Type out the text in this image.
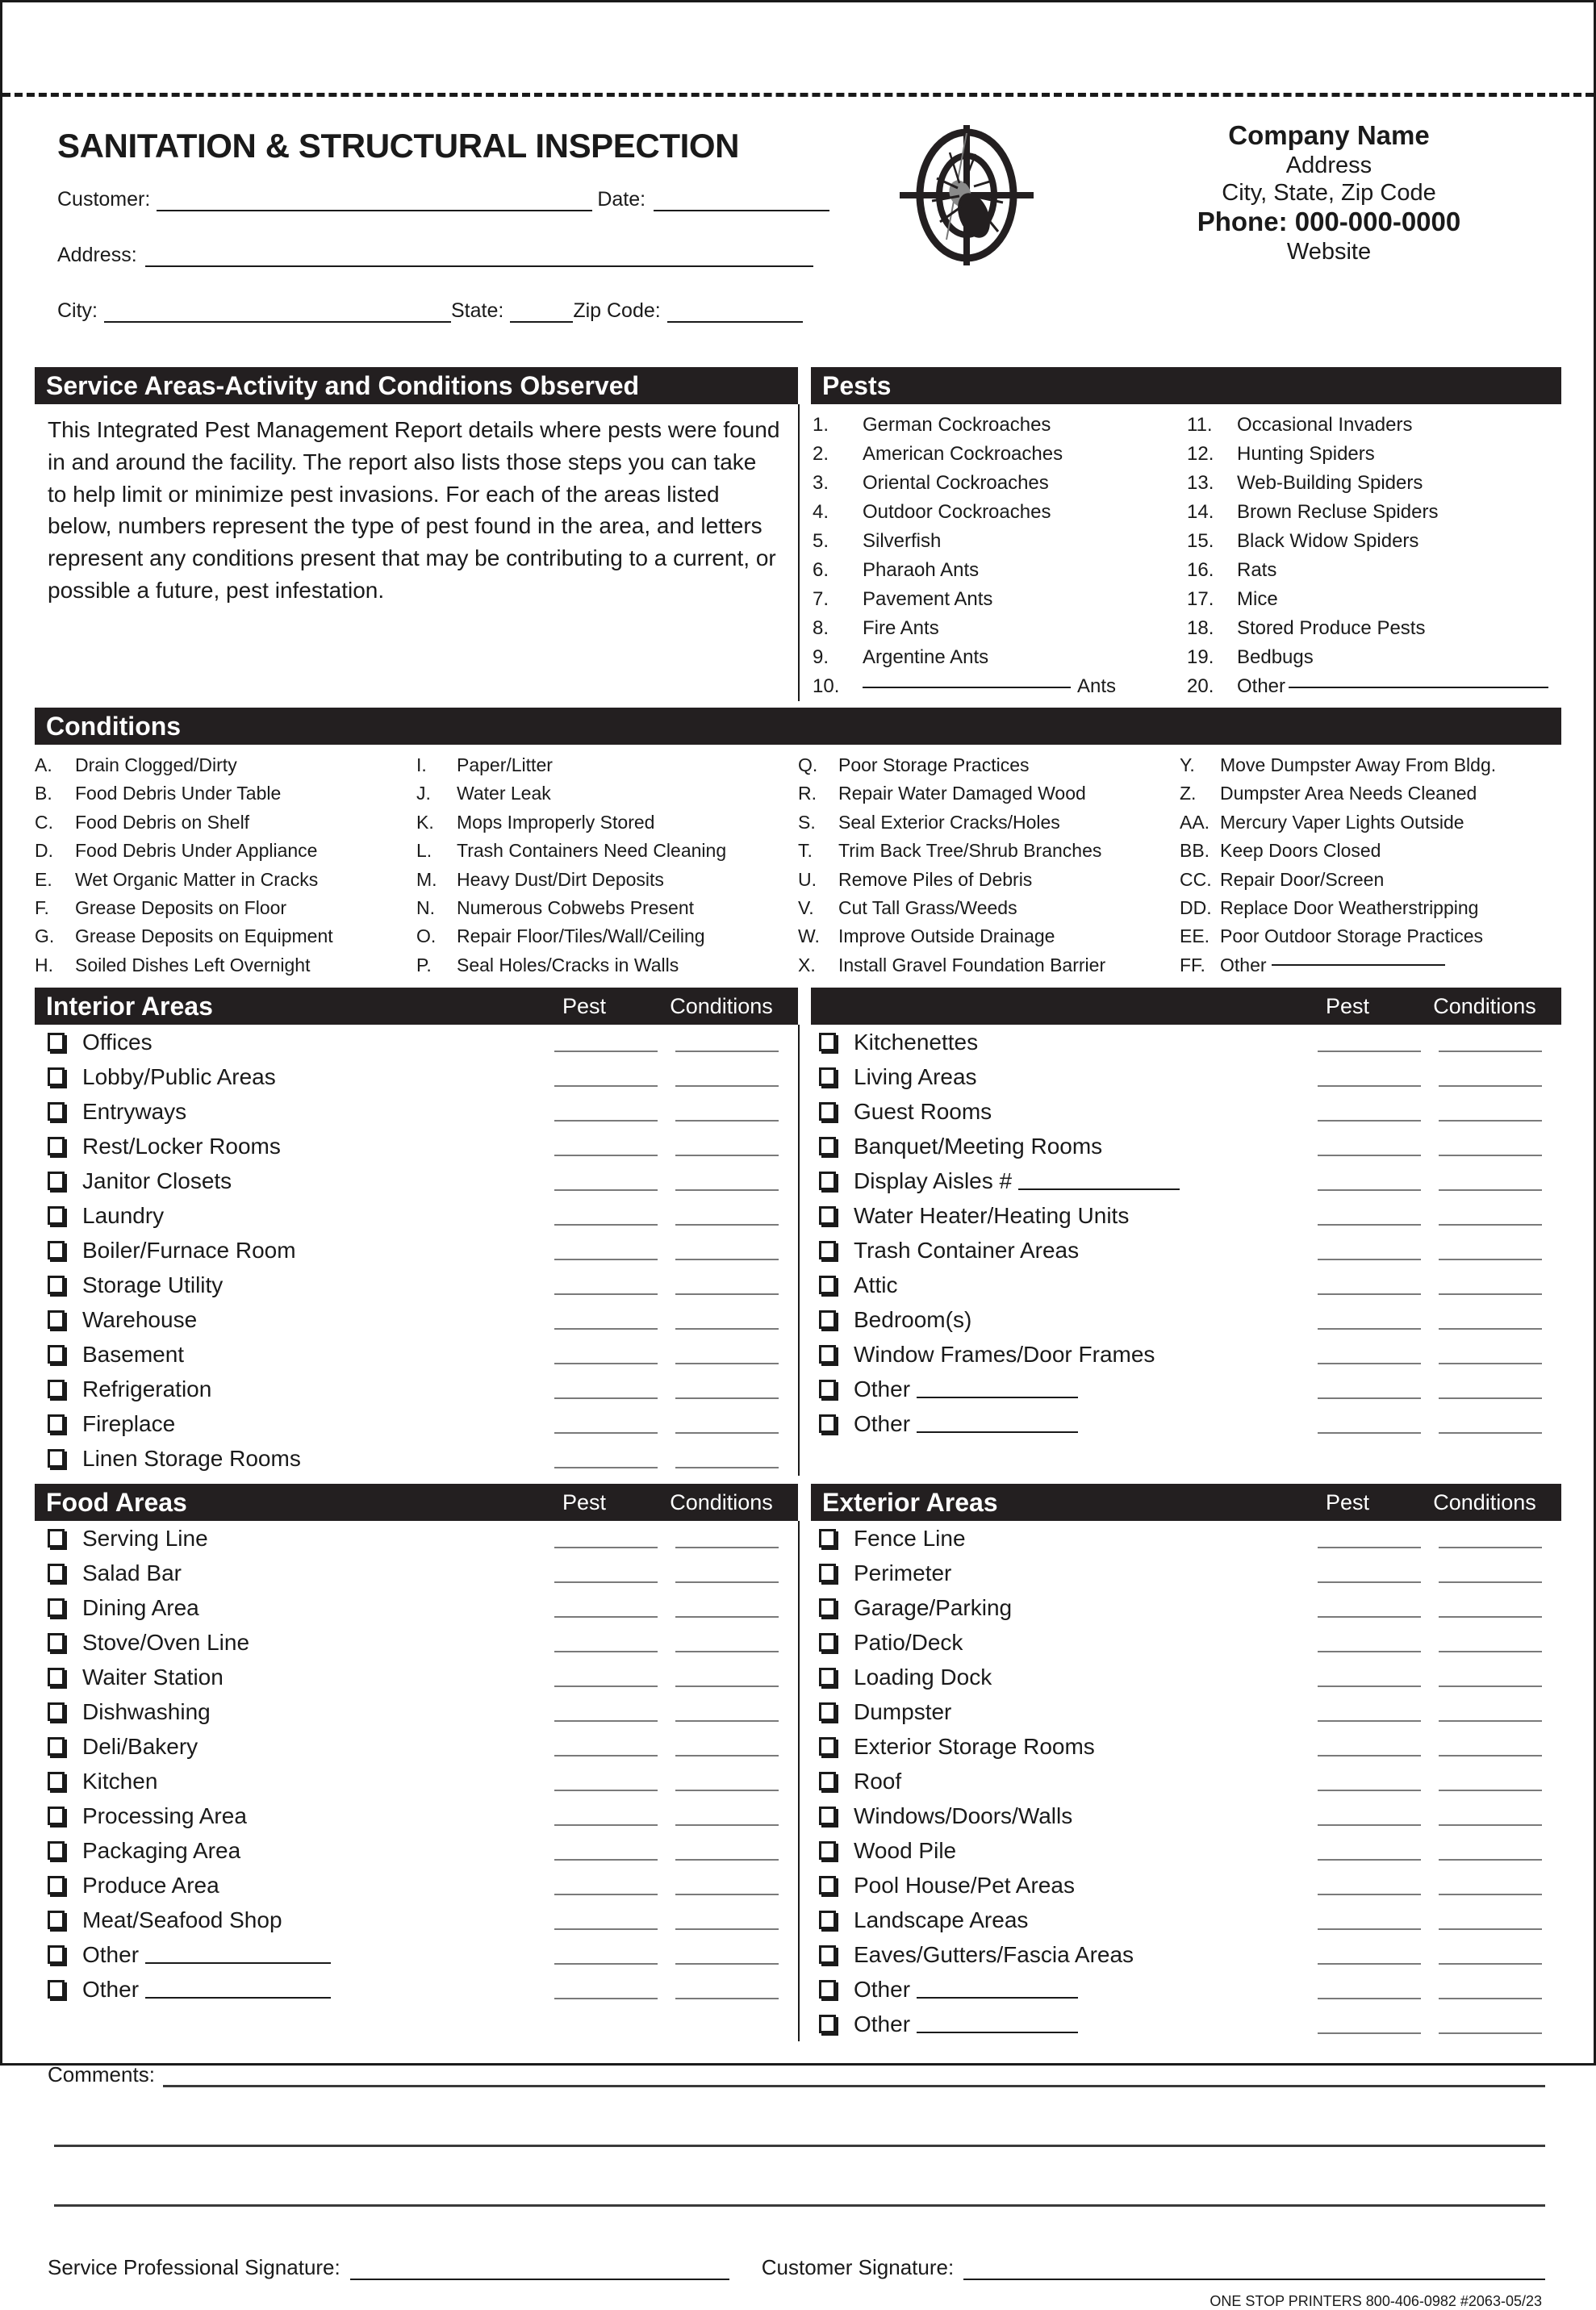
SANITATION & STRUCTURAL INSPECTION
Customer:	Date:
Address:
City:	State:	Zip Code:
Company Name
Address
City, State, Zip Code
Phone: 000-000-0000
Website
Service Areas-Activity and Conditions Observed	Pests

This Integrated Pest Management Report details where pests were found in and around the facility. The report also lists those steps you can take to help limit or minimize pest invasions. For each of the areas listed below, numbers represent the type of pest found in the area, and letters represent any conditions present that may be contributing to a current, or possible a future, pest infestation.

1.	German Cockroaches
2.	American Cockroaches
3.	Oriental Cockroaches
4.	Outdoor Cockroaches
5.	Silverfish
6.	Pharaoh Ants
7.	Pavement Ants
8.	Fire Ants
9.	Argentine Ants
10.	Ants
11.	Occasional Invaders
12.	Hunting Spiders
13.	Web-Building Spiders
14.	Brown Recluse Spiders
15.	Black Widow Spiders
16.	Rats
17.	Mice
18.	Stored Produce Pests
19.	Bedbugs
20.	Other
Conditions
A.	Drain Clogged/Dirty
B.	Food Debris Under Table
C.	Food Debris on Shelf
D.	Food Debris Under Appliance
E.	Wet Organic Matter in Cracks
F.	Grease Deposits on Floor
G.	Grease Deposits on Equipment
H.	Soiled Dishes Left Overnight
I.	Paper/Litter
J.	Water Leak
K.	Mops Improperly Stored
L.	Trash Containers Need Cleaning
M.	Heavy Dust/Dirt Deposits
N.	Numerous Cobwebs Present
O.	Repair Floor/Tiles/Wall/Ceiling
P.	Seal Holes/Cracks in Walls
Q.	Poor Storage Practices
R.	Repair Water Damaged Wood
S.	Seal Exterior Cracks/Holes
T.	Trim Back Tree/Shrub Branches
U.	Remove Piles of Debris
V.	Cut Tall Grass/Weeds
W.	Improve Outside Drainage
X.	Install Gravel Foundation Barrier
Y.	Move Dumpster Away From Bldg.
Z.	Dumpster Area Needs Cleaned
AA. Mercury Vaper Lights Outside
BB. Keep Doors Closed
CC. Repair Door/Screen
DD. Replace Door Weatherstripping
EE. Poor Outdoor Storage Practices
FF. Other
Interior Areas	Pest	Conditions	Pest	Conditions
Offices
Lobby/Public Areas
Entryways
Rest/Locker Rooms
Janitor Closets
Laundry
Boiler/Furnace Room
Storage Utility
Warehouse
Basement
Refrigeration
Fireplace
Linen Storage Rooms
Kitchenettes
Living Areas
Guest Rooms
Banquet/Meeting Rooms
Display Aisles #
Water Heater/Heating Units
Trash Container Areas
Attic
Bedroom(s)
Window Frames/Door Frames
Other
Other
Food Areas	Pest	Conditions	Exterior Areas	Pest	Conditions
Serving Line
Salad Bar
Dining Area
Stove/Oven Line
Waiter Station
Dishwashing
Deli/Bakery
Kitchen
Processing Area
Packaging Area
Produce Area
Meat/Seafood Shop
Other
Other
Fence Line
Perimeter
Garage/Parking
Patio/Deck
Loading Dock
Dumpster
Exterior Storage Rooms
Roof
Windows/Doors/Walls
Wood Pile
Pool House/Pet Areas
Landscape Areas
Eaves/Gutters/Fascia Areas
Other
Other
Comments:
Service Professional Signature:	Customer Signature:
ONE STOP PRINTERS 800-406-0982 #2063-05/23
